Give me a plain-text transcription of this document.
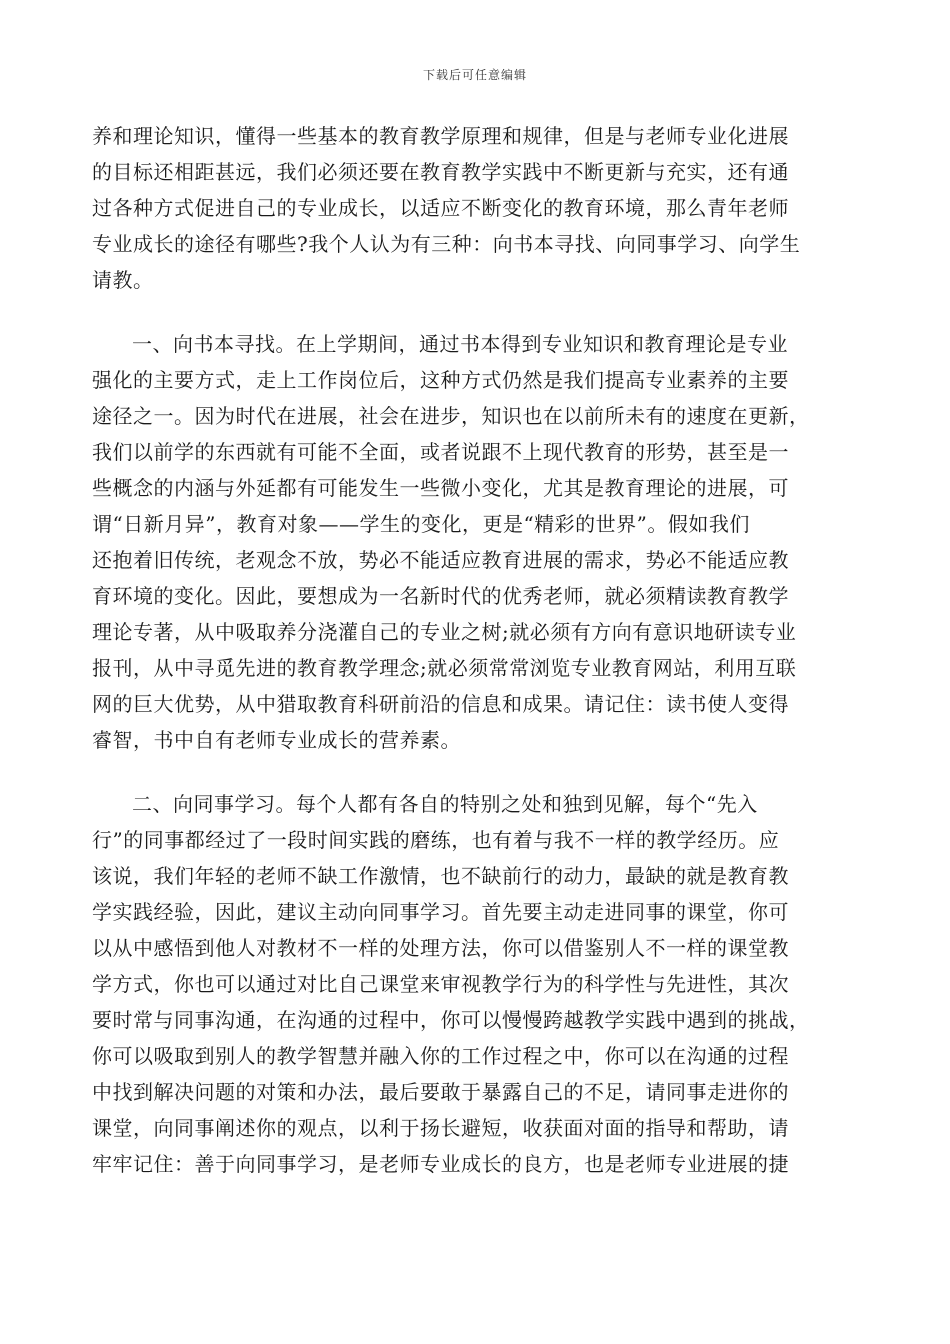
下载后可任意编辑

养和理论知识，懂得一些基本的教育教学原理和规律，但是与老师专业化进展
的目标还相距甚远，我们必须还要在教育教学实践中不断更新与充实，还有通
过各种方式促进自己的专业成长，以适应不断变化的教育环境，那么青年老师
专业成长的途径有哪些?我个人认为有三种：向书本寻找、向同事学习、向学生
请教。

一、向书本寻找。在上学期间，通过书本得到专业知识和教育理论是专业
强化的主要方式，走上工作岗位后，这种方式仍然是我们提高专业素养的主要
途径之一。因为时代在进展，社会在进步，知识也在以前所未有的速度在更新，
我们以前学的东西就有可能不全面，或者说跟不上现代教育的形势，甚至是一
些概念的内涵与外延都有可能发生一些微小变化，尤其是教育理论的进展，可
谓“日新月异”，教育对象——学生的变化，更是“精彩的世界”。假如我们
还抱着旧传统，老观念不放，势必不能适应教育进展的需求，势必不能适应教
育环境的变化。因此，要想成为一名新时代的优秀老师，就必须精读教育教学
理论专著，从中吸取养分浇灌自己的专业之树;就必须有方向有意识地研读专业
报刊，从中寻觅先进的教育教学理念;就必须常常浏览专业教育网站，利用互联
网的巨大优势，从中猎取教育科研前沿的信息和成果。请记住：读书使人变得
睿智，书中自有老师专业成长的营养素。

二、向同事学习。每个人都有各自的特别之处和独到见解，每个“先入
行”的同事都经过了一段时间实践的磨练，也有着与我不一样的教学经历。应
该说，我们年轻的老师不缺工作激情，也不缺前行的动力，最缺的就是教育教
学实践经验，因此，建议主动向同事学习。首先要主动走进同事的课堂，你可
以从中感悟到他人对教材不一样的处理方法，你可以借鉴别人不一样的课堂教
学方式，你也可以通过对比自己课堂来审视教学行为的科学性与先进性，其次
要时常与同事沟通，在沟通的过程中，你可以慢慢跨越教学实践中遇到的挑战，
你可以吸取到别人的教学智慧并融入你的工作过程之中，你可以在沟通的过程
中找到解决问题的对策和办法，最后要敢于暴露自己的不足，请同事走进你的
课堂，向同事阐述你的观点，以利于扬长避短，收获面对面的指导和帮助，请
牢牢记住：善于向同事学习，是老师专业成长的良方，也是老师专业进展的捷
